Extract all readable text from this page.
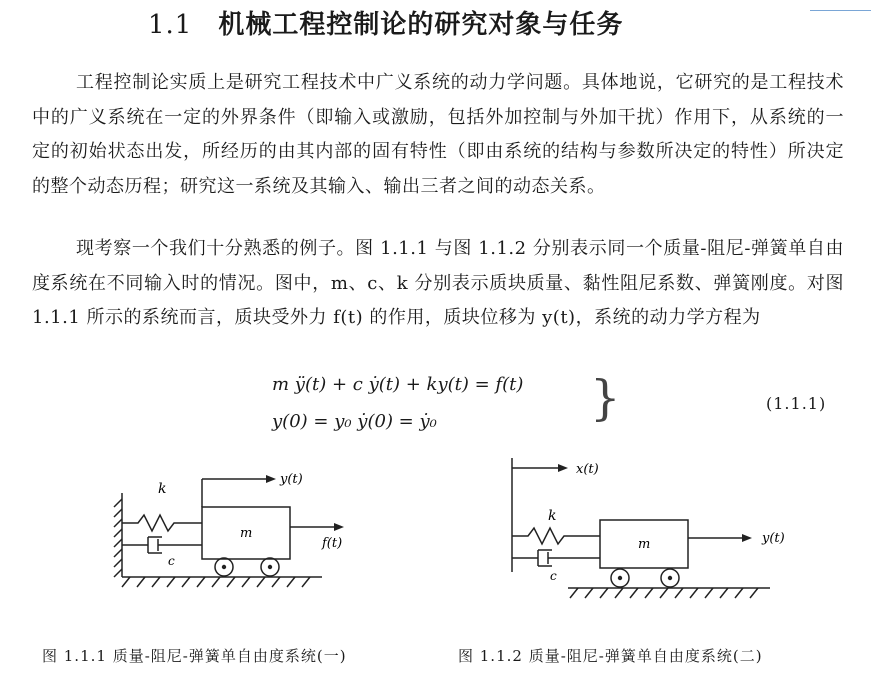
1.1 机械工程控制论的研究对象与任务

工程控制论实质上是研究工程技术中广义系统的动力学问题。具体地说，它研究的是工程技术中的广义系统在一定的外界条件（即输入或激励，包括外加控制与外加干扰）作用下，从系统的一定的初始状态出发，所经历的由其内部的固有特性（即由系统的结构与参数所决定的特性）所决定的整个动态历程；研究这一系统及其输入、输出三者之间的动态关系。

现考察一个我们十分熟悉的例子。图 1.1.1 与图 1.1.2 分别表示同一个质量-阻尼-弹簧单自由度系统在不同输入时的情况。图中，m、c、k 分别表示质块质量、黏性阻尼系数、弹簧刚度。对图1.1.1 所示的系统而言，质块受外力 f(t) 的作用，质块位移为 y(t)，系统的动力学方程为

m ÿ(t) + c ẏ(t) + ky(t) = f(t)
y(0) = y₀ ẏ(0) = ẏ₀	}	(1.1.1)
k
c
m
y(t)
f(t)
k
c
m
x(t)
y(t)
图 1.1.1 质量-阻尼-弹簧单自由度系统(一)	图 1.1.2 质量-阻尼-弹簧单自由度系统(二)
